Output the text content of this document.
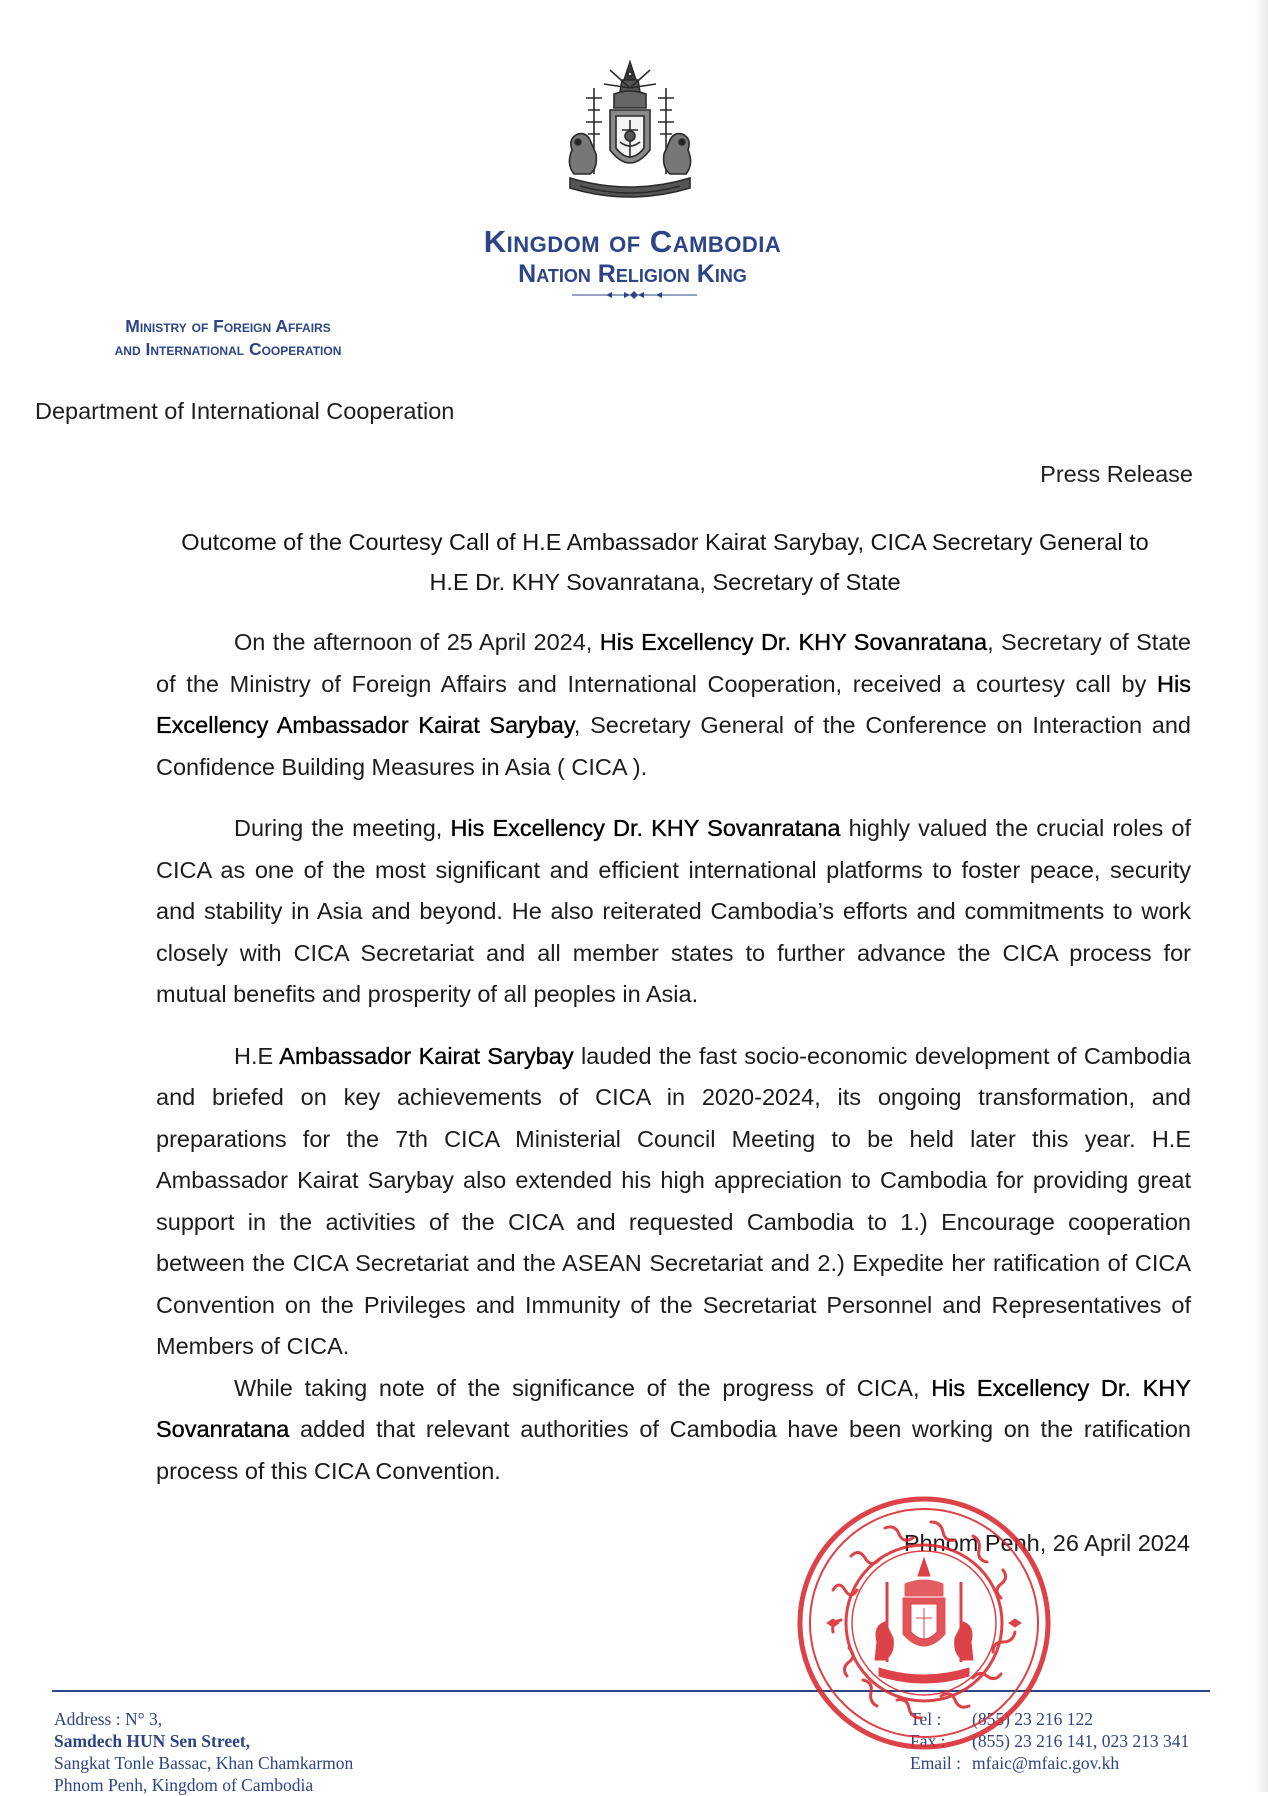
Kingdom of Cambodia
Nation Religion King
Ministry of Foreign Affairs
and International Cooperation
Department of International Cooperation
Press Release
Outcome of the Courtesy Call of H.E Ambassador Kairat Sarybay, CICA Secretary General to
H.E Dr. KHY Sovanratana, Secretary of State

On the afternoon of 25 April 2024, His Excellency Dr. KHY Sovanratana, Secretary of State of the Ministry of Foreign Affairs and International Cooperation, received a courtesy call by His Excellency Ambassador Kairat Sarybay, Secretary General of the Conference on Interaction and Confidence Building Measures in Asia ( CICA ).

During the meeting, His Excellency Dr. KHY Sovanratana highly valued the crucial roles of CICA as one of the most significant and efficient international platforms to foster peace, security and stability in Asia and beyond. He also reiterated Cambodia’s efforts and commitments to work closely with CICA Secretariat and all member states to further advance the CICA process for mutual benefits and prosperity of all peoples in Asia.

H.E Ambassador Kairat Sarybay lauded the fast socio-economic development of Cambodia and briefed on key achievements of CICA in 2020-2024, its ongoing transformation, and preparations for the 7th CICA Ministerial Council Meeting to be held later this year. H.E Ambassador Kairat Sarybay also extended his high appreciation to Cambodia for providing great support in the activities of the CICA and requested Cambodia to 1.) Encourage cooperation between the CICA Secretariat and the ASEAN Secretariat and 2.) Expedite her ratification of CICA Convention on the Privileges and Immunity of the Secretariat Personnel and Representatives of Members of CICA.

While taking note of the significance of the progress of CICA, His Excellency Dr. KHY Sovanratana added that relevant authorities of Cambodia have been working on the ratification process of this CICA Convention.

Phnom Penh, 26 April 2024
Address : N° 3,
Samdech HUN Sen Street,
Sangkat Tonle Bassac, Khan Chamkarmon
Phnom Penh, Kingdom of Cambodia
Tel : (855) 23 216 122
Fax : (855) 23 216 141, 023 213 341
Email : mfaic@mfaic.gov.kh
